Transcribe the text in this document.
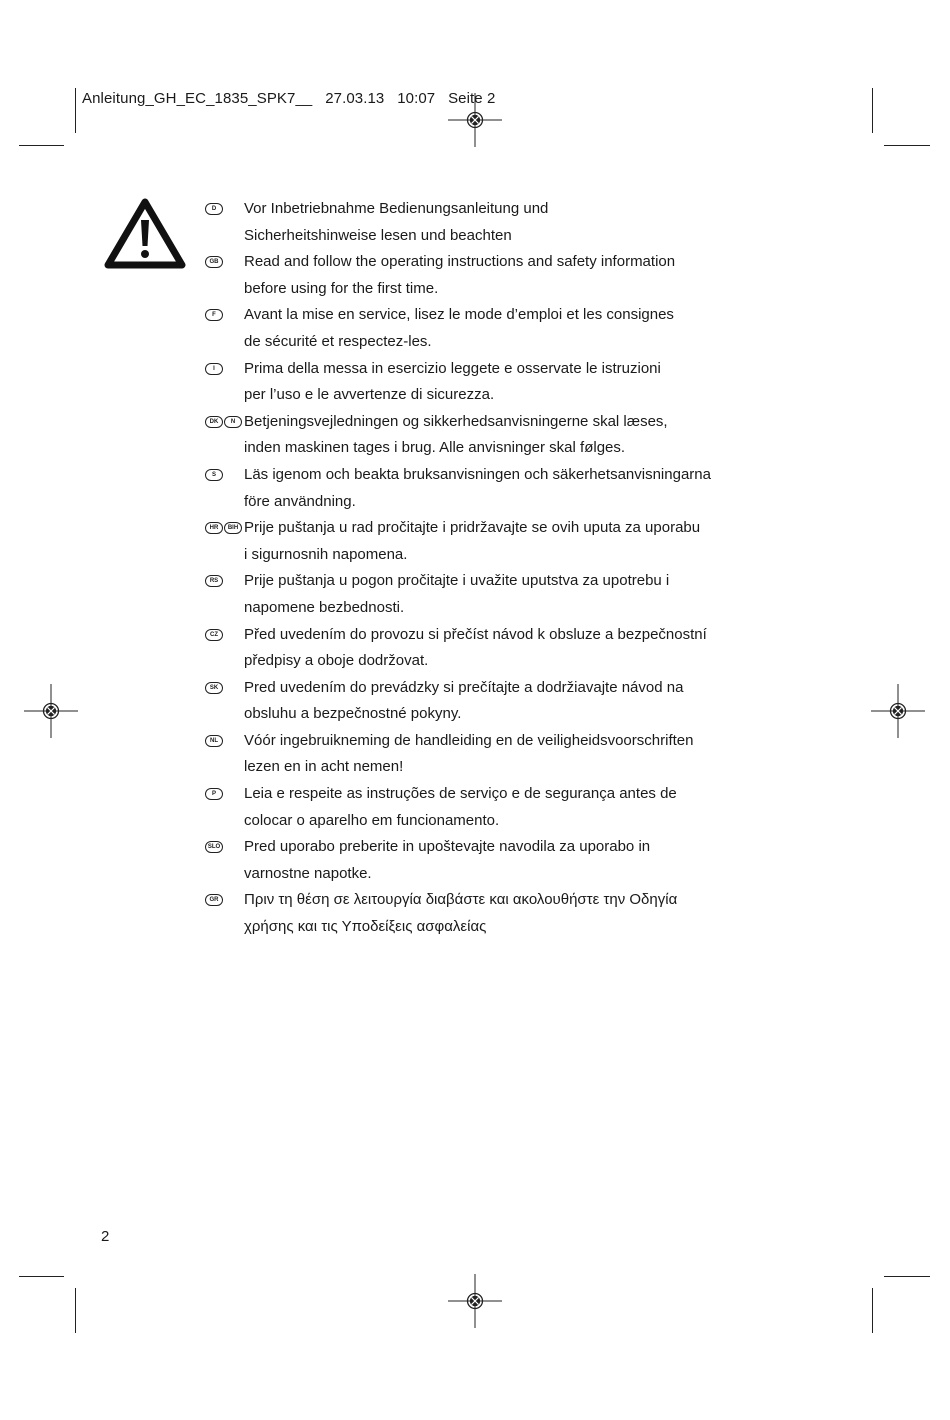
Anleitung_GH_EC_1835_SPK7__ 27.03.13 10:07 Seite 2
D	Vor Inbetriebnahme Bedienungsanleitung und
Sicherheitshinweise lesen und beachten
GB	Read and follow the operating instructions and safety information
before using for the first time.
F	Avant la mise en service, lisez le mode d’emploi et les consignes
de sécurité et respectez-les.
I	Prima della messa in esercizio leggete e osservate le istruzioni
per l’uso e le avvertenze di sicurezza.
DK	N Betjeningsvejledningen og sikkerhedsanvisningerne skal læses,
inden maskinen tages i brug. Alle anvisninger skal følges.
S	Läs igenom och beakta bruksanvisningen och säkerhetsanvisningarna
före användning.
HR	BIH Prije puštanja u rad pročitajte i pridržavajte se ovih uputa za uporabu
i sigurnosnih napomena.
RS	Prije puštanja u pogon pročitajte i uvažite uputstva za upotrebu i
napomene bezbednosti.
CZ	Před uvedením do provozu si přečíst návod k obsluze a bezpečnostní
předpisy a oboje dodržovat.
SK	Pred uvedením do prevádzky si prečítajte a dodržiavajte návod na
obsluhu a bezpečnostné pokyny.
NL	Vóór ingebruikneming de handleiding en de veiligheidsvoorschriften
lezen en in acht nemen!
P	Leia e respeite as instruções de serviço e de segurança antes de
colocar o aparelho em funcionamento.
SLO Pred uporabo preberite in upoštevajte navodila za uporabo in
varnostne napotke.
GR	Πριν τη θέση σε λειτουργία διαβάστε και ακολουθήστε την Οδηγία
χρήσης και τις Υποδείξεις ασφαλείας
2
